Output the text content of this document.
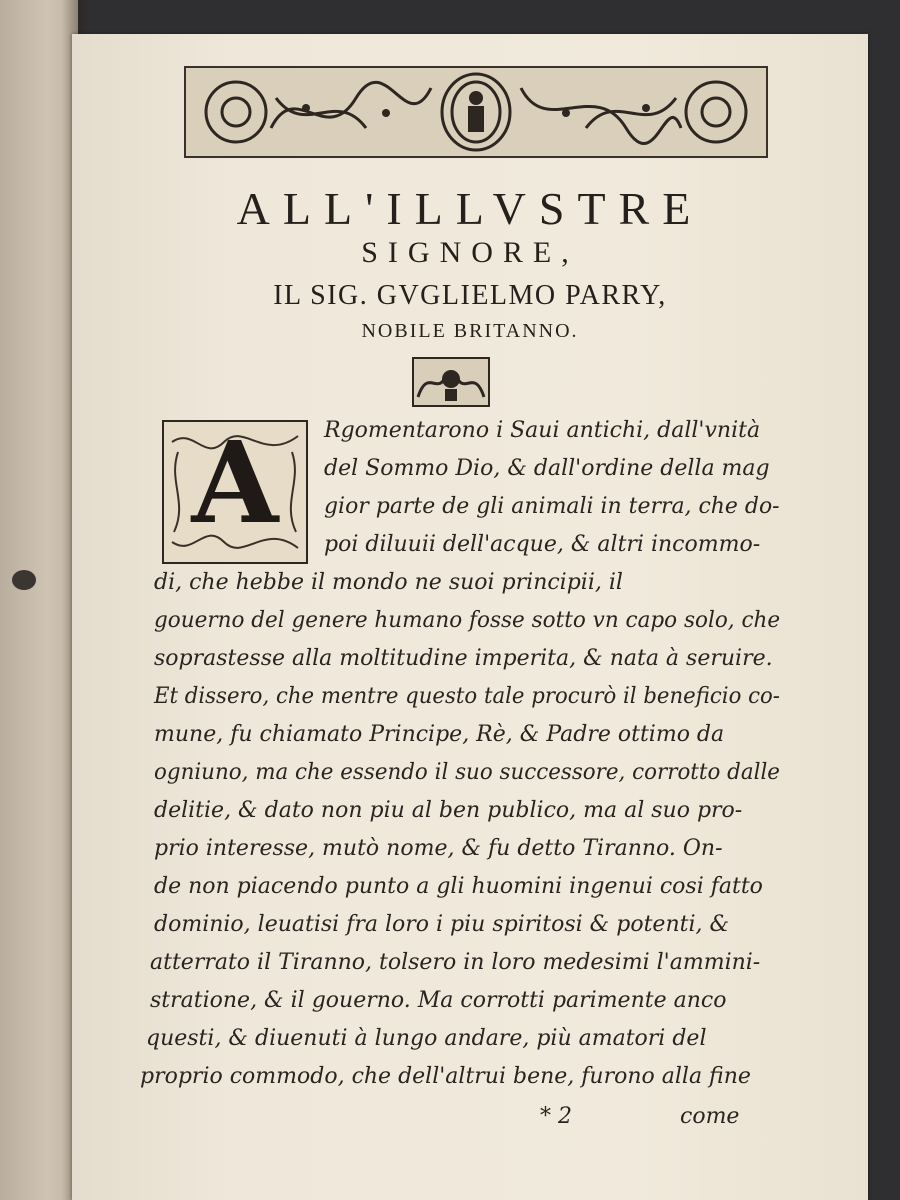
ALL'ILLVSTRE
SIGNORE,
IL SIG. GVGLIELMO PARRY,
NOBILE BRITANNO.
A	Rgomentarono i Saui antichi, dall'vnità
del Sommo Dio, & dall'ordine della mag
gior parte de gli animali in terra, che do-
poi diluuii dell'acque, & altri incommo-
di, che hebbe il mondo ne suoi principii, il
gouerno del genere humano fosse sotto vn capo solo, che
soprastesse alla moltitudine imperita, & nata à seruire.
Et dissero, che mentre questo tale procurò il beneficio co-
mune, fu chiamato Principe, Rè, & Padre ottimo da
ogniuno, ma che essendo il suo successore, corrotto dalle
delitie, & dato non piu al ben publico, ma al suo pro-
prio interesse, mutò nome, & fu detto Tiranno. On-
de non piacendo punto a gli huomini ingenui cosi fatto
dominio, leuatisi fra loro i piu spiritosi & potenti, &
atterrato il Tiranno, tolsero in loro medesimi l'ammini-
stratione, & il gouerno. Ma corrotti parimente anco
questi, & diuenuti à lungo andare, più amatori del
proprio commodo, che dell'altrui bene, furono alla fine
* 2	come
